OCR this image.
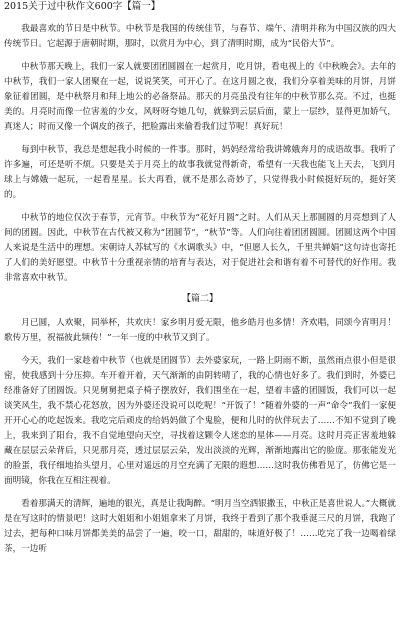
2015关于过中秋作文600字【篇一】

我最喜欢的节日是中秋节。中秋节是我国的传统佳节，与春节、端午、清明并称为中国汉族的四大传统节日。它起源于唐朝时期，那时，以赏月为中心，到了清明时期，成为“民俗大节”。

中秋节那天晚上，我们一家人就要团团圆圆在一起赏月，吃月饼，看电视上的《中秋晚会》。去年的中秋节，我们一家人团聚在一起，说说笑笑，可开心了。在这月圆之夜，我们分享着美味的月饼，月饼象征着团圆，是中秋祭月和拜上地公的必备祭品。那天的月亮虽没有往年的中秋节那么亮。不过，也挺美的。月亮时而像一位害羞的少女，风呀呀夸她几句，就躲到云层后面，蒙上一层纱，显得更加娇气，真迷人；时而又像一个调皮的孩子，把脸露出来偷看我们过节呢！真好玩！

每到中秋节，我总是想起我小时候的一件事。那时，妈妈经常给我讲嫦娥奔月的成语故事。我听了许多遍，可还是听不烦。只要是关于月亮上的故事我就觉得新奇，希望有一天我也能飞上天去，飞到月球上与嫦娥一起玩，一起看星星。长大再看，就不是那么奇妙了，只觉得我小时候挺好玩的，挺好笑的。

中秋节的地位仅次于春节，元宵节。中秋节为“花好月圆”之时。人们从天上那圆圆的月亮想到了人间的团圆。因此，中秋节在古代被又称为“团圆节”，“秋节”等。人们向往着团团圆圆。团圆这两个中国人来说是生活中的理想。宋朝诗人苏轼写的《水调歌头》中，“但愿人长久，千里共婵娟”这句诗也寄托了人们的美好愿望。中秋节十分重视亲情的培育与表达，对于促进社会和谐有着不可替代的好作用。我非常喜欢中秋节。

【篇二】

月已圆，人欢聚，同举杯，共欢庆！家乡明月爱无限，他乡皓月也多情！齐欢唱，同颂今宵明月！歌传万里，祝福彼此频传！”一年一度的中秋节又到了。

今天，我们一家趁着中秋节（也就是团圆节）去外婆家玩，一路上阴雨不断，虽然雨点很小但是很密，使我感到十分压抑。车开着开着，天气渐渐的由阴转晴了，我的心情也好多了。我们到时，外婆已经准备好了团圆饭。只见舅舅把桌子椅子摆放好，我们围坐在一起，望着丰盛的团圆饭，我们可以一起谈笑风生，我不禁心花怒放，因为外婆还没说可以吃呢！“开饭了！”随着外婆的一声“命令”我们一家便开开心心的吃起饭来。我吃完后顽皮的给妈妈做了个鬼脸，便和儿时的伙伴玩去了……不知不觉到了晚上，我来到了阳台，我不自觉地望向天空，寻找着这颗令人迷恋的星体——月亮。这时月亮正害羞地躲藏在层层云朵背后，只见那月亮，透过层层云朵，发出淡淡的光辉，渐渐地露出它的脸庞。那张能发光的脸蛋，我仔细地抬头望月，心里对遥远的月空充满了无限的遐想……这时我仿佛看见了，仿佛它是一面明镜，你我在互相注视着。

看着那满天的清辉，遍地的银光，真是让我陶醉。“明月当空洒银撒玉，中秋正是喜世说人。”大概就是在写这时的情景吧！这时大姐姐和小姐姐拿来了月饼，我终于看到了那个我垂涎三尺的月饼，我跑了过去，把每种口味月饼都美美的品尝了一遍，咬一口，甜甜的，味道好极了！……吃完了我一边喝着绿茶，一边听
